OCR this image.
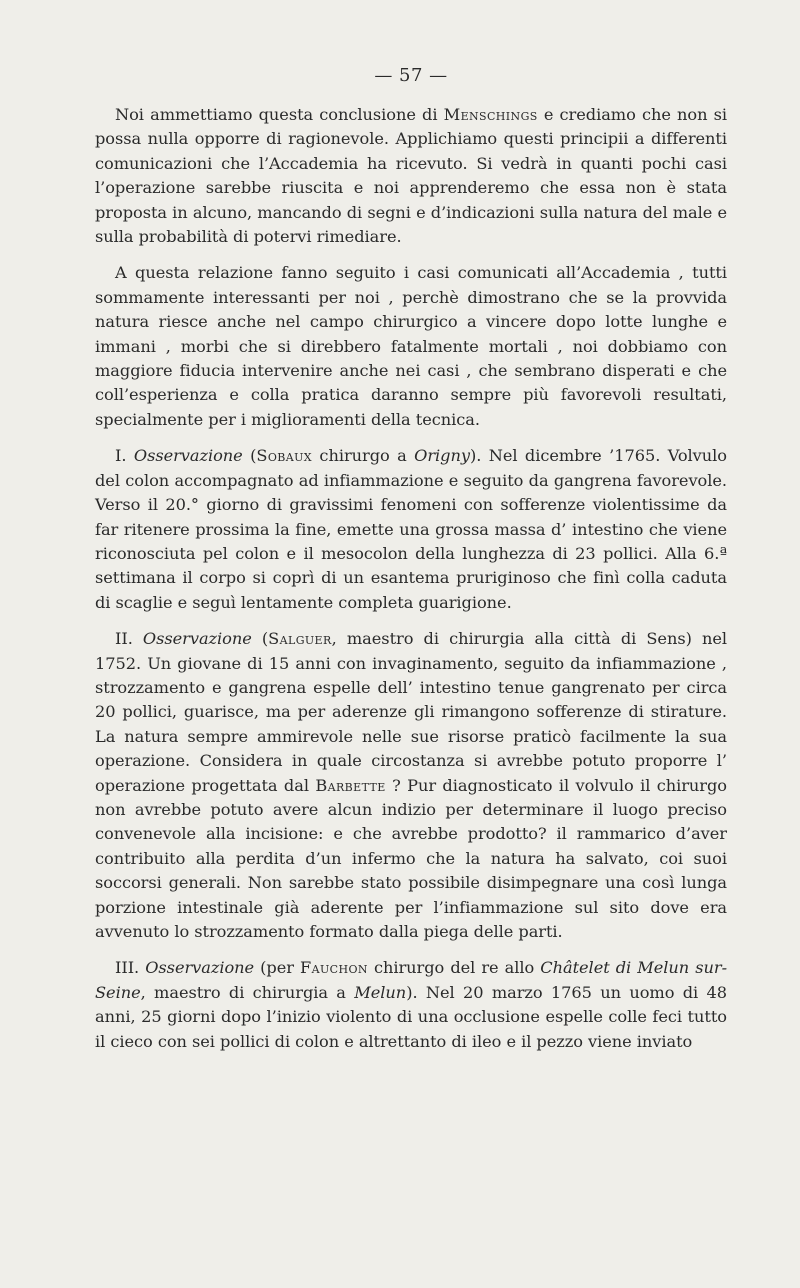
— 57 —

Noi ammettiamo questa conclusione di Menschings e crediamo che non si possa nulla opporre di ragionevole. Applichiamo questi principii a differenti comunicazioni che l’Accademia ha ricevuto. Si vedrà in quanti pochi casi l’operazione sarebbe riuscita e noi apprenderemo che essa non è stata proposta in alcuno, mancando di segni e d’indicazioni sulla natura del male e sulla probabilità di potervi rimediare.

A questa relazione fanno seguito i casi comunicati all’Accademia , tutti sommamente interessanti per noi , perchè dimostrano che se la provvida natura riesce anche nel campo chirurgico a vincere dopo lotte lunghe e immani , morbi che si direbbero fatalmente mortali , noi dobbiamo con maggiore fiducia intervenire anche nei casi , che sembrano disperati e che coll’esperienza e colla pratica daranno sempre più favorevoli resultati, specialmente per i miglioramenti della tecnica.

I. Osservazione (Sobaux chirurgo a Origny). Nel dicembre ’1765. Volvulo del colon accompagnato ad infiammazione e seguito da gangrena favorevole. Verso il 20.° giorno di gravissimi fenomeni con sofferenze violentissime da far ritenere prossima la fine, emette una grossa massa d’ intestino che viene riconosciuta pel colon e il mesocolon della lunghezza di 23 pollici. Alla 6.ª settimana il corpo si coprì di un esantema pruriginoso che finì colla caduta di scaglie e seguì lentamente completa guarigione.

II. Osservazione (Salguer, maestro di chirurgia alla città di Sens) nel 1752. Un giovane di 15 anni con invaginamento, seguito da infiammazione , strozzamento e gangrena espelle dell’ intestino tenue gangrenato per circa 20 pollici, guarisce, ma per aderenze gli rimangono sofferenze di stirature. La natura sempre ammirevole nelle sue risorse praticò facilmente la sua operazione. Considera in quale circostanza si avrebbe potuto proporre l’ operazione progettata dal Barbette ? Pur diagnosticato il volvulo il chirurgo non avrebbe potuto avere alcun indizio per determinare il luogo preciso convenevole alla incisione: e che avrebbe prodotto? il rammarico d’aver contribuito alla perdita d’un infermo che la natura ha salvato, coi suoi soccorsi generali. Non sarebbe stato possibile disimpegnare una così lunga porzione intestinale già aderente per l’infiammazione sul sito dove era avvenuto lo strozzamento formato dalla piega delle parti.

III. Osservazione (per Fauchon chirurgo del re allo Châtelet di Melun sur-Seine, maestro di chirurgia a Melun). Nel 20 marzo 1765 un uomo di 48 anni, 25 giorni dopo l’inizio violento di una occlusione espelle colle feci tutto il cieco con sei pollici di colon e altrettanto di ileo e il pezzo viene inviato
